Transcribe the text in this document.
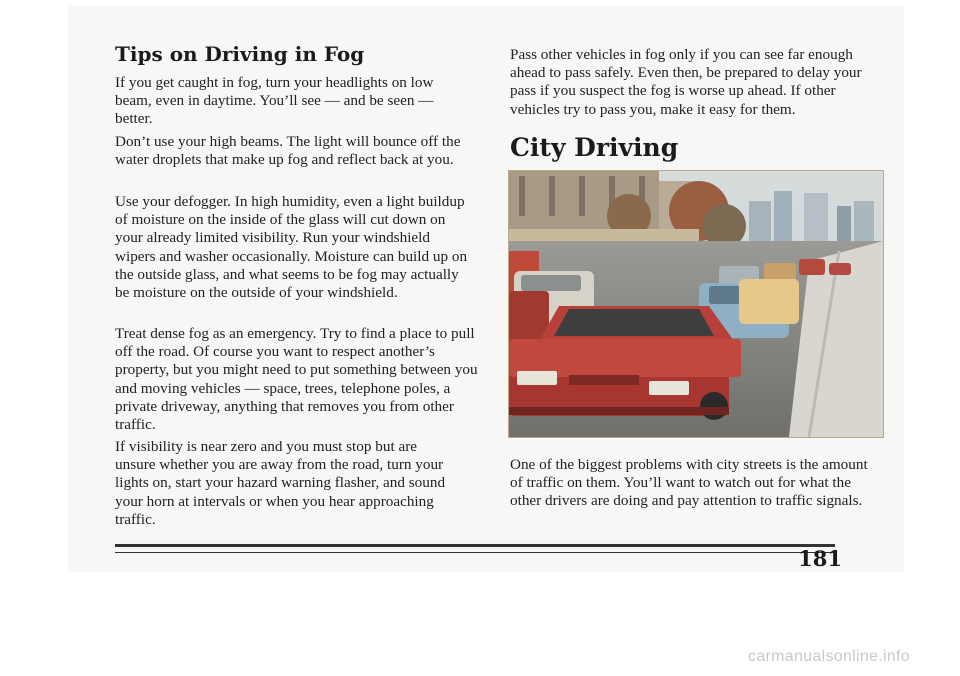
Tips on Driving in Fog

If you get caught in fog, turn your headlights on low beam, even in daytime. You’ll see — and be seen — better.

Don’t use your high beams. The light will bounce off the water droplets that make up fog and reflect back at you.

Use your defogger. In high humidity, even a light buildup of moisture on the inside of the glass will cut down on your already limited visibility. Run your windshield wipers and washer occasionally. Moisture can build up on the outside glass, and what seems to be fog may actually be moisture on the outside of your windshield.

Treat dense fog as an emergency. Try to find a place to pull off the road. Of course you want to respect another’s property, but you might need to put something between you and moving vehicles — space, trees, telephone poles, a private driveway, anything that removes you from other traffic.

If visibility is near zero and you must stop but are unsure whether you are away from the road, turn your lights on, start your hazard warning flasher, and sound your horn at intervals or when you hear approaching traffic.

Pass other vehicles in fog only if you can see far enough ahead to pass safely. Even then, be prepared to delay your pass if you suspect the fog is worse up ahead. If other vehicles try to pass you, make it easy for them.

City Driving

One of the biggest problems with city streets is the amount of traffic on them. You’ll want to watch out for what the other drivers are doing and pay attention to traffic signals.

181
carmanualsonline.info
